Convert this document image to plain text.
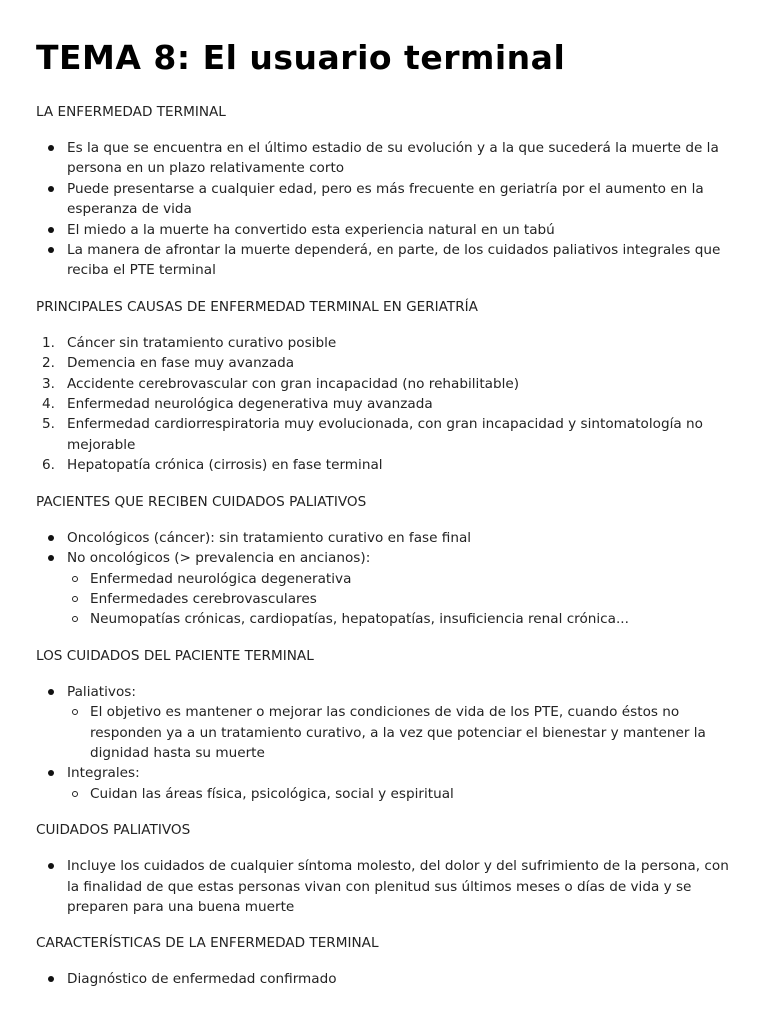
TEMA 8: El usuario terminal
LA ENFERMEDAD TERMINAL
Es la que se encuentra en el último estadio de su evolución y a la que sucederá la muerte de la persona en un plazo relativamente corto
Puede presentarse a cualquier edad, pero es más frecuente en geriatría por el aumento en la esperanza de vida
El miedo a la muerte ha convertido esta experiencia natural en un tabú
La manera de afrontar la muerte dependerá, en parte, de los cuidados paliativos integrales que reciba el PTE terminal
PRINCIPALES CAUSAS DE ENFERMEDAD TERMINAL EN GERIATRÍA
Cáncer sin tratamiento curativo posible
Demencia en fase muy avanzada
Accidente cerebrovascular con gran incapacidad (no rehabilitable)
Enfermedad neurológica degenerativa muy avanzada
Enfermedad cardiorrespiratoria muy evolucionada, con gran incapacidad y sintomatología no mejorable
Hepatopatía crónica (cirrosis) en fase terminal
PACIENTES QUE RECIBEN CUIDADOS PALIATIVOS
Oncológicos (cáncer): sin tratamiento curativo en fase final
No oncológicos (> prevalencia en ancianos):
Enfermedad neurológica degenerativa
Enfermedades cerebrovasculares
Neumopatías crónicas, cardiopatías, hepatopatías, insuficiencia renal crónica...
LOS CUIDADOS DEL PACIENTE TERMINAL
Paliativos:
El objetivo es mantener o mejorar las condiciones de vida de los PTE, cuando éstos no responden ya a un tratamiento curativo, a la vez que potenciar el bienestar y mantener la dignidad hasta su muerte
Integrales:
Cuidan las áreas física, psicológica, social y espiritual
CUIDADOS PALIATIVOS
Incluye los cuidados de cualquier síntoma molesto, del dolor y del sufrimiento de la persona, con la finalidad de que estas personas vivan con plenitud sus últimos meses o días de vida y se preparen para una buena muerte
CARACTERÍSTICAS DE LA ENFERMEDAD TERMINAL
Diagnóstico de enfermedad confirmado
